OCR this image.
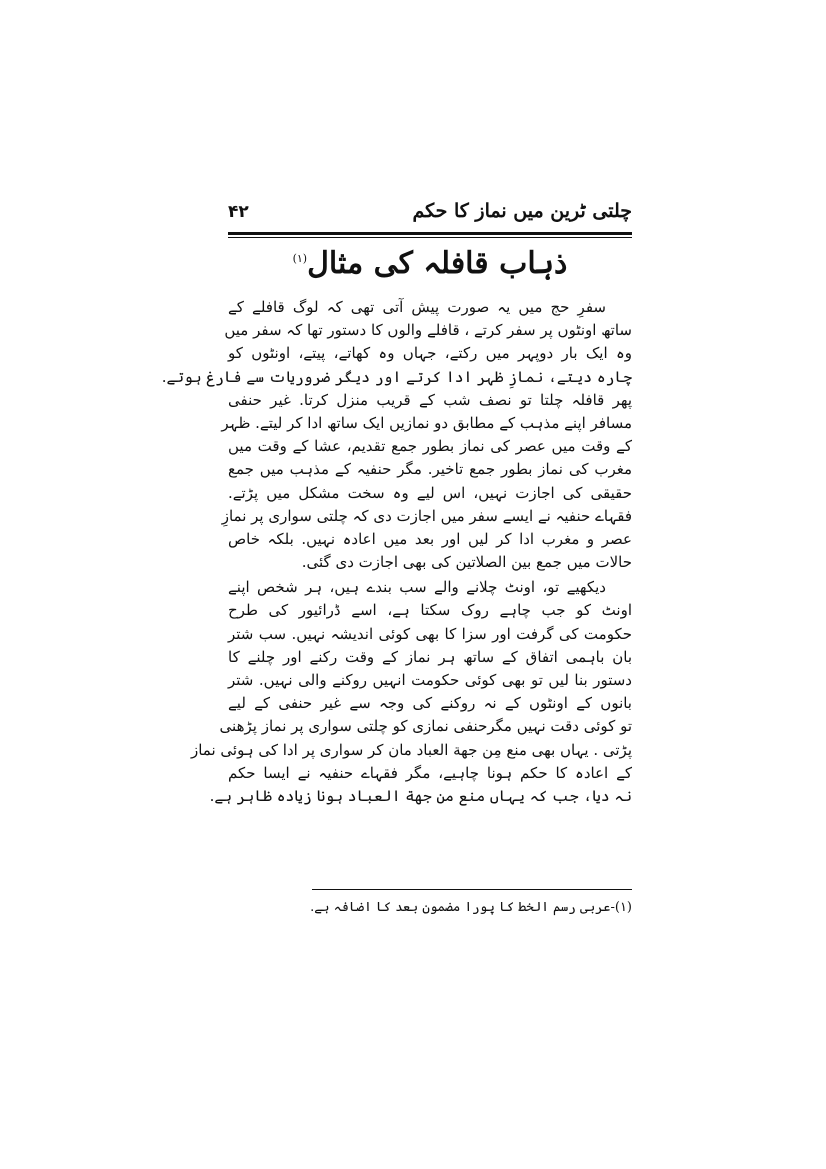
چلتی ٹرین میں نماز کا حکم
۴۲
ذہاب قافلہ کی مثال$^{(۱)}$
سفرِ حج میں یہ صورت پیش آتی تھی کہ لوگ قافلے کے
ساتھ اونٹوں پر سفر کرتے ، قافلے والوں کا دستور تھا کہ سفر میں
وہ ایک بار دوپہر میں رکتے، جہاں وہ کھاتے، پیتے، اونٹوں کو
چارہ دیتے، نمازِ ظہر ادا کرتے اور دیگر ضروریات سے فارغ ہوتے.
پھر قافلہ چلتا تو نصف شب کے قریب منزل کرتا. غیر حنفی
مسافر اپنے مذہب کے مطابق دو نمازیں ایک ساتھ ادا کر لیتے. ظہر
کے وقت میں عصر کی نماز بطور جمع تقدیم، عشا کے وقت میں
مغرب کی نماز بطور جمع تاخیر. مگر حنفیہ کے مذہب میں جمع
حقیقی کی اجازت نہیں، اس لیے وہ سخت مشکل میں پڑتے.
فقہاے حنفیہ نے ایسے سفر میں اجازت دی کہ چلتی سواری پر نمازِ
عصر و مغرب ادا کر لیں اور بعد میں اعادہ نہیں. بلکہ خاص
حالات میں جمع بین الصلاتین کی بھی اجازت دی گئی.
دیکھیے تو، اونٹ چلانے والے سب بندے ہیں، ہر شخص اپنے
اونٹ کو جب چاہے روک سکتا ہے، اسے ڈرائیور کی طرح
حکومت کی گرفت اور سزا کا بھی کوئی اندیشہ نہیں. سب شتر
بان باہمی اتفاق کے ساتھ ہر نماز کے وقت رکنے اور چلنے کا
دستور بنا لیں تو بھی کوئی حکومت انہیں روکنے والی نہیں. شتر
بانوں کے اونٹوں کے نہ روکنے کی وجہ سے غیر حنفی کے لیے
تو کوئی دقت نہیں مگرحنفی نمازی کو چلتی سواری پر نماز پڑھنی
پڑتی . یہاں بھی منع مِن جهة العباد مان کر سواری پر ادا کی ہوئی نماز
کے اعادہ کا حکم ہونا چاہیے، مگر فقہاے حنفیہ نے ایسا حکم
نہ دیا، جب کہ یہاں منع من جهة العباد ہونا زیادہ ظاہر ہے.
(۱)-عربی رسم الخط کا پورا مضمون بعد کا اضافہ ہے.
